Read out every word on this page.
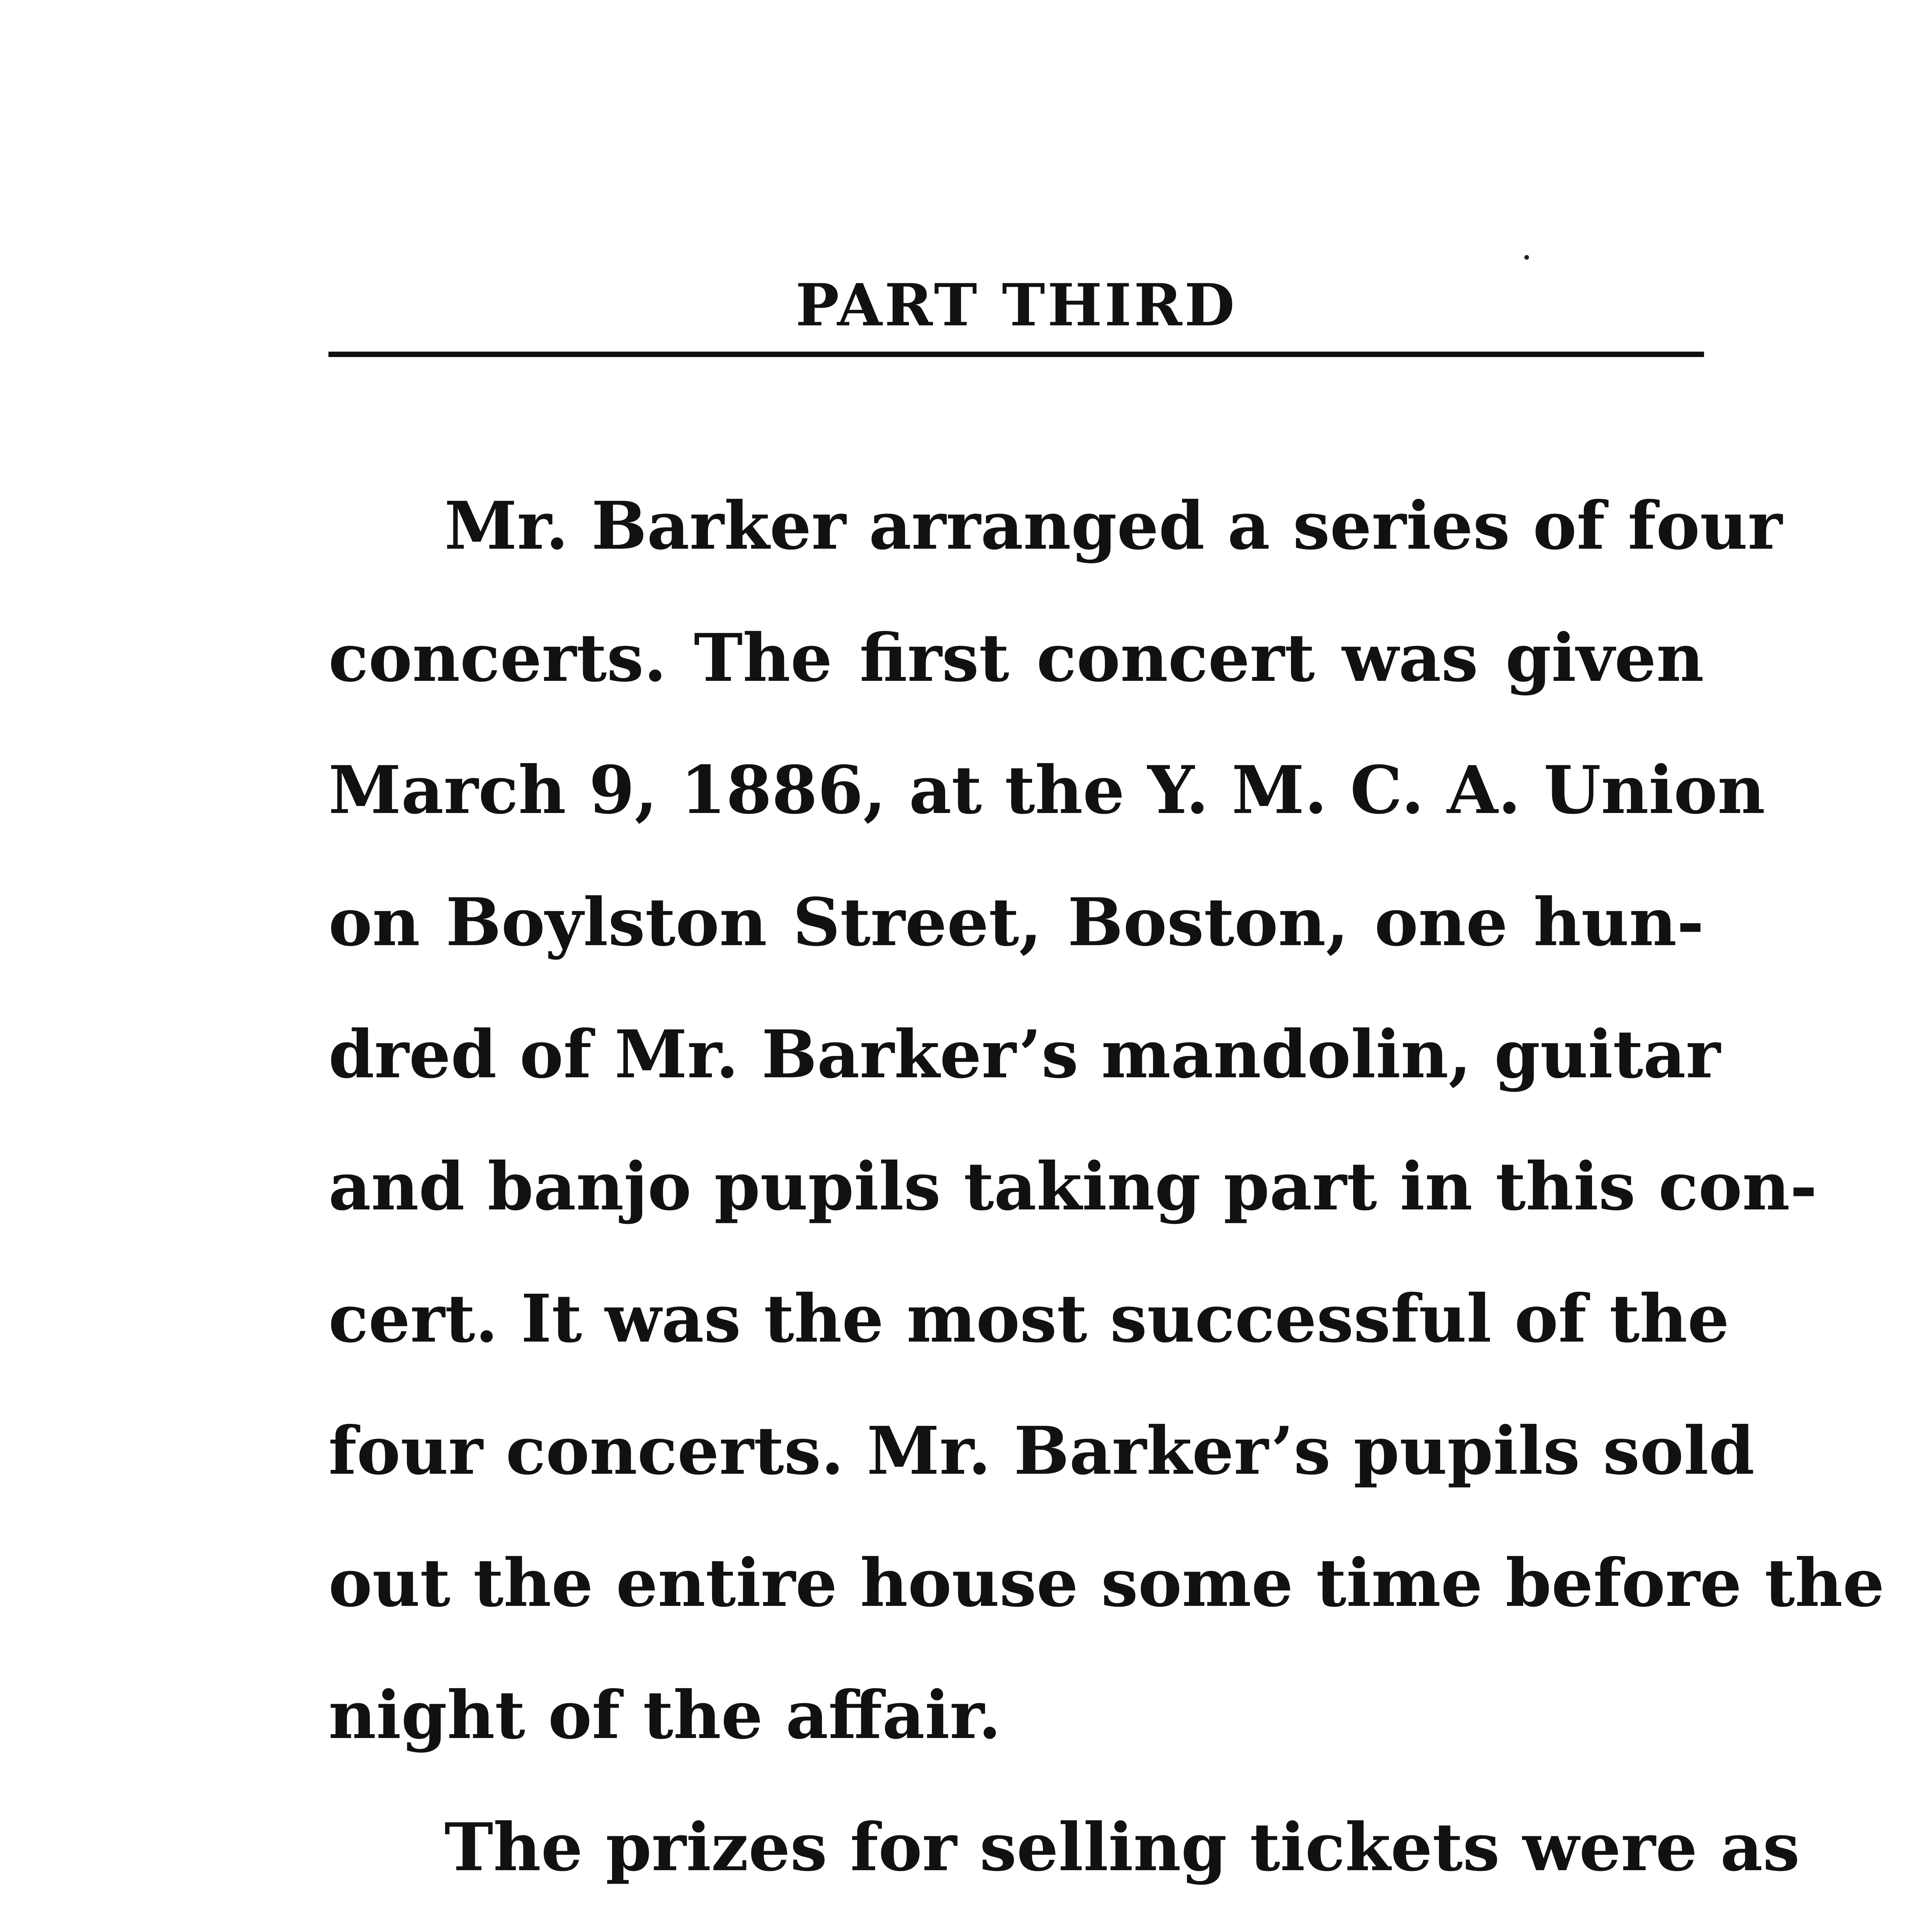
PART THIRD
Mr. Barker arranged a series of four
concerts. The first concert was given
March 9, 1886, at the Y. M. C. A. Union
on Boylston Street, Boston, one hun-
dred of Mr. Barker’s mandolin, guitar
and banjo pupils taking part in this con-
cert. It was the most successful of the
four concerts. Mr. Barker’s pupils sold
out the entire house some time before the
night of the affair.
The prizes for selling tickets were as
